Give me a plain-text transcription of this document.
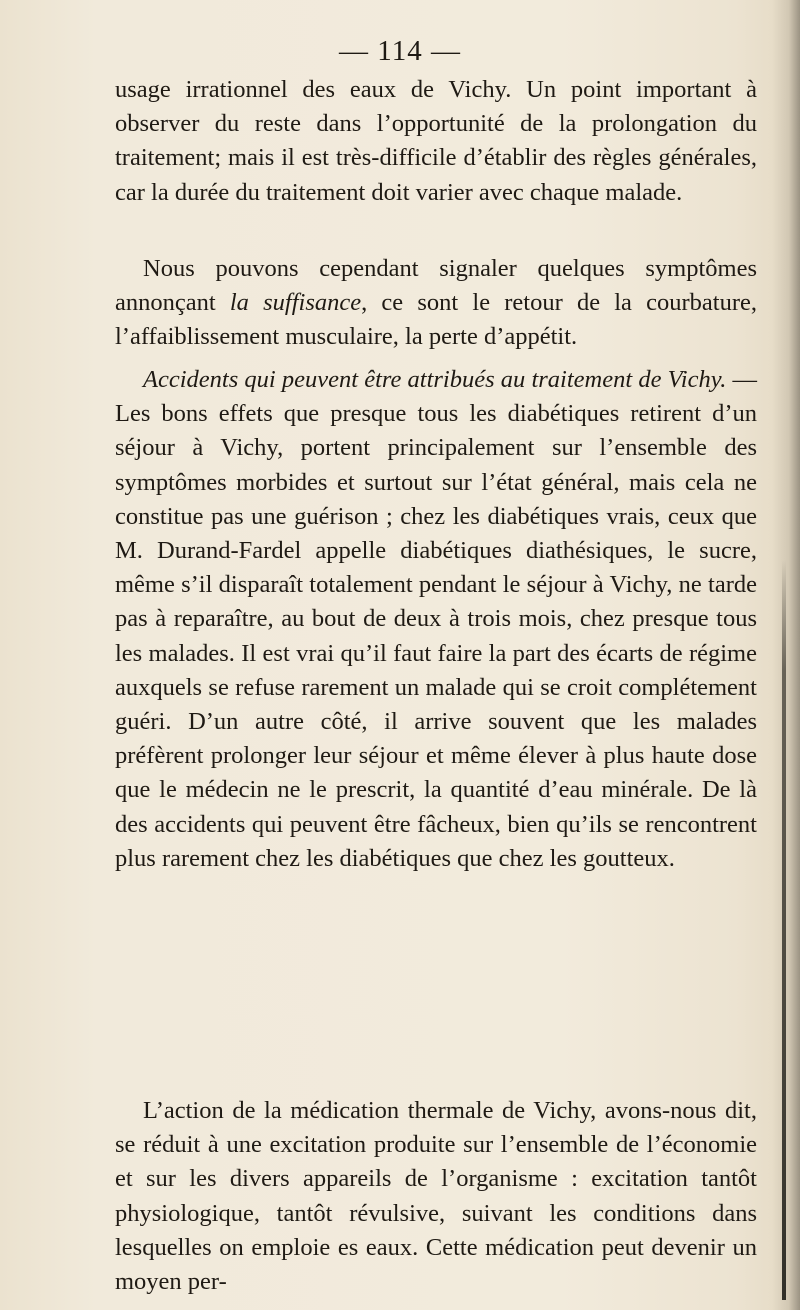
— 114 —

usage irrationnel des eaux de Vichy. Un point important à observer du reste dans l’opportunité de la prolongation du traitement; mais il est très-difficile d’établir des règles générales, car la durée du traitement doit varier avec chaque malade.

Nous pouvons cependant signaler quelques symptômes annonçant la suffisance, ce sont le retour de la courbature, l’affaiblissement musculaire, la perte d’appétit.

Accidents qui peuvent être attribués au traitement de Vichy. — Les bons effets que presque tous les diabétiques retirent d’un séjour à Vichy, portent principalement sur l’ensemble des symptômes morbides et surtout sur l’état général, mais cela ne constitue pas une guérison ; chez les diabétiques vrais, ceux que M. Durand-Fardel appelle diabétiques diathésiques, le sucre, même s’il disparaît totalement pendant le séjour à Vichy, ne tarde pas à reparaître, au bout de deux à trois mois, chez presque tous les malades. Il est vrai qu’il faut faire la part des écarts de régime auxquels se refuse rarement un malade qui se croit complétement guéri. D’un autre côté, il arrive souvent que les malades préfèrent prolonger leur séjour et même élever à plus haute dose que le médecin ne le prescrit, la quantité d’eau minérale. De là des accidents qui peuvent être fâcheux, bien qu’ils se rencontrent plus rarement chez les diabétiques que chez les goutteux.

L’action de la médication thermale de Vichy, avons-nous dit, se réduit à une excitation produite sur l’ensemble de l’économie et sur les divers appareils de l’organisme : excitation tantôt physiologique, tantôt révulsive, suivant les conditions dans lesquelles on emploie es eaux. Cette médication peut devenir un moyen per-
